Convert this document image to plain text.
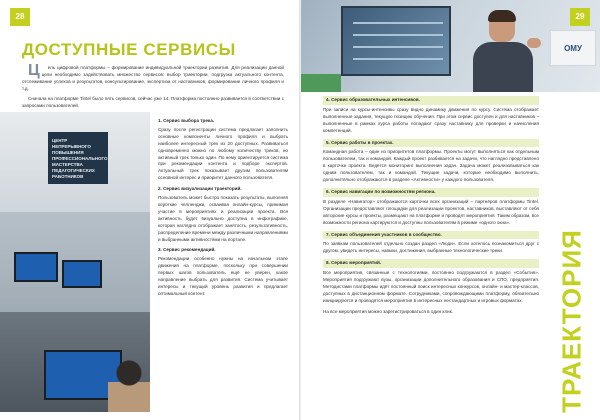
28
ДОСТУПНЫЕ СЕРВИСЫ

Ц ель цифровой платформы – формирование индивидуальной траектории развития. Для реализации данной цели необходимо задействовать множество сервисов: выбор траектории, подгрузка актуального контента, отслеживание успехов и результатов, консультирование, экспертиза от наставников, формирование личного профиля и т.д.

Сначала на платформе Tintel было пять сервисов, сейчас уже 14. Платформа постоянно развивается в соответствии с запросами пользователей.

ЦЕНТР НЕПРЕРЫВНОГО ПОВЫШЕНИЯ ПРОФЕССИОНАЛЬНОГО МАСТЕРСТВА ПЕДАГОГИЧЕСКИХ РАБОТНИКОВ
1. Сервис выбора трека.

Сразу после регистрации система предлагает заполнить основные компоненты личного профиля и выбрать наиболее интересный трек из 20 доступных. Развиваться одновременно можно по любому количеству треков, но активный трек только один. По нему ориентируется система при рекомендации контента и подборе экспертов. Актуальный трек показывает другим пользователям основной интерес и приоритет данного пользователя.

2. Сервис визуализации траекторий.

Пользователь может быстро показать результаты, выполняя короткие челленджи, осваивая онлайн-курсы, принимая участие в мероприятиях и реализации проекта. Вся активность будет визуально доступна в инфографике, которая наглядно отображает занятость, результативность, распределение времени между различными направлениями и выбранными активностями на портале.

3. Сервис рекомендаций.

Рекомендации особенно нужны на начальном этапе движения на платформе, поскольку при совершении первых шагов пользователь ещё не уверен, какое направление выбрать для развития. Система учитывает интересы и текущий уровень развития и предлагает оптимальный контент.

ОМУ
29
4. Сервис образовательных интенсивов.

При записи на курсы-интенсивы сразу видно динамику движения по курсу. Система отображает выполненные задания, текущую позицию обучения. При этом сервис доступен и для наставников – выполненные в рамках курса работы попадают сразу наставнику для проверки и начисления компетенций.

5. Сервис работы в проектах.

Командная работа – один из приоритетов платформы. Проекты могут выполняться как отдельным пользователем, так и командой. Каждый проект разбивается на задачи, что наглядно представлено в карточке проекта. Ведётся мониторинг выполнения задач. Задача может реализовываться как одним пользователем, так и командой. Текущие задачи, которые необходимо выполнить, дополнительно отображаются в разделе «Активности» у каждого пользователя.

6. Сервис навигации по возможностям региона.

В разделе «Навигатор» отображаются карточки всех организаций – партнёров платформы Tintel. Организации предоставляют площадки для реализации проектов, наставников, выставляют от себя авторские курсы и проекты, размещают на платформе и проводят мероприятия. Таким образом, все возможности региона картируются и доступны пользователям в режиме «одного окна».

7. Сервис объединения участников в сообщество.

По заявкам пользователей отдельно создан раздел «Люди». Если хотелось познакомиться друг с другом, увидеть интересы, навыки, достижения, выбранные технологические треки.

8. Сервис мероприятий.

Все мероприятия, связанные с технологиями, постоянно подгружаются в раздел «События». Мероприятия подгружают вузы, организации дополнительного образования и СПО, предприятия. Методистами платформы идёт постоянный поиск интересных конкурсов, онлайн- и мастер-классов, доступных в дистанционном формате. Сотрудниками, сопровождающими платформу, обязательно инициируются и проводятся мероприятия в интересных нестандартных и игровых форматах.

На все мероприятия можно зарегистрироваться в один клик.	ТРАЕКТОРИЯ
